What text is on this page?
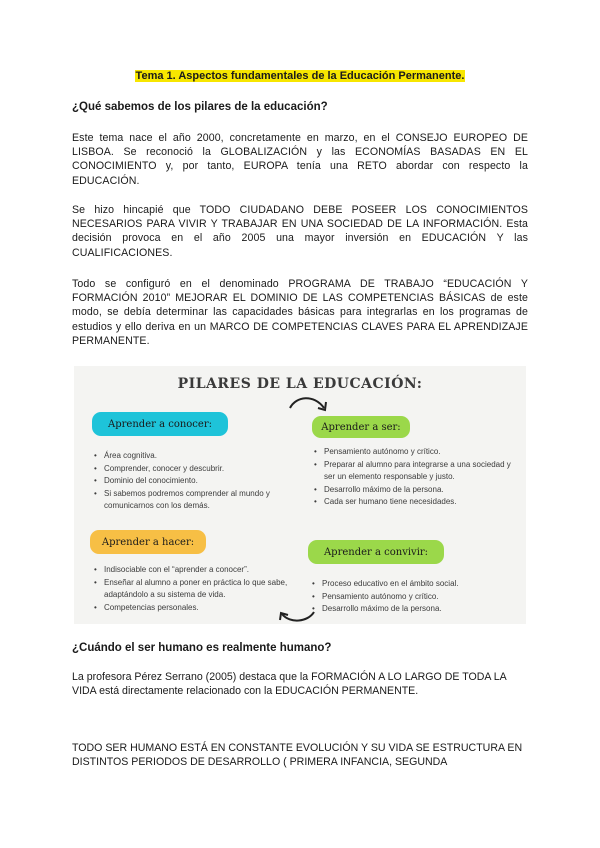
Tema 1. Aspectos fundamentales de la Educación Permanente.
¿Qué sabemos de los pilares de la educación?
Este tema nace el año 2000, concretamente en marzo, en el CONSEJO EUROPEO DE LISBOA. Se reconoció la GLOBALIZACIÓN y las ECONOMÍAS BASADAS EN EL CONOCIMIENTO y, por tanto, EUROPA tenía una RETO abordar con respecto la EDUCACIÓN.
Se hizo hincapié que TODO CIUDADANO DEBE POSEER LOS CONOCIMIENTOS NECESARIOS PARA VIVIR Y TRABAJAR EN UNA SOCIEDAD DE LA INFORMACIÓN. Esta decisión provoca en el año 2005 una mayor inversión en EDUCACIÓN Y las CUALIFICACIONES.
Todo se configuró en el denominado PROGRAMA DE TRABAJO “EDUCACIÓN Y FORMACIÓN 2010” MEJORAR EL DOMINIO DE LAS COMPETENCIAS BÁSICAS de este modo, se debía determinar las capacidades básicas para integrarlas en los programas de estudios y ello deriva en un MARCO DE COMPETENCIAS CLAVES PARA EL APRENDIZAJE PERMANENTE.
PILARES DE LA EDUCACIÓN:
Aprender a conocer:
• Área cognitiva.
• Comprender, conocer y descubrir.
• Dominio del conocimiento.
• Si sabemos podremos comprender al mundo y comunicarnos con los demás.
Aprender a ser:
• Pensamiento autónomo y crítico.
• Preparar al alumno para integrarse a una sociedad y ser un elemento responsable y justo.
• Desarrollo máximo de la persona.
• Cada ser humano tiene necesidades.
Aprender a hacer:
• Indisociable con el “aprender a conocer”.
• Enseñar al alumno a poner en práctica lo que sabe, adaptándolo a su sistema de vida.
• Competencias personales.
Aprender a convivir:
• Proceso educativo en el ámbito social.
• Pensamiento autónomo y crítico.
• Desarrollo máximo de la persona.
¿Cuándo el ser humano es realmente humano?
La profesora Pérez Serrano (2005) destaca que la FORMACIÓN A LO LARGO DE TODA LA VIDA está directamente relacionado con la EDUCACIÓN PERMANENTE.
TODO SER HUMANO ESTÁ EN CONSTANTE EVOLUCIÓN Y SU VIDA SE ESTRUCTURA EN DISTINTOS PERIODOS DE DESARROLLO ( PRIMERA INFANCIA, SEGUNDA
